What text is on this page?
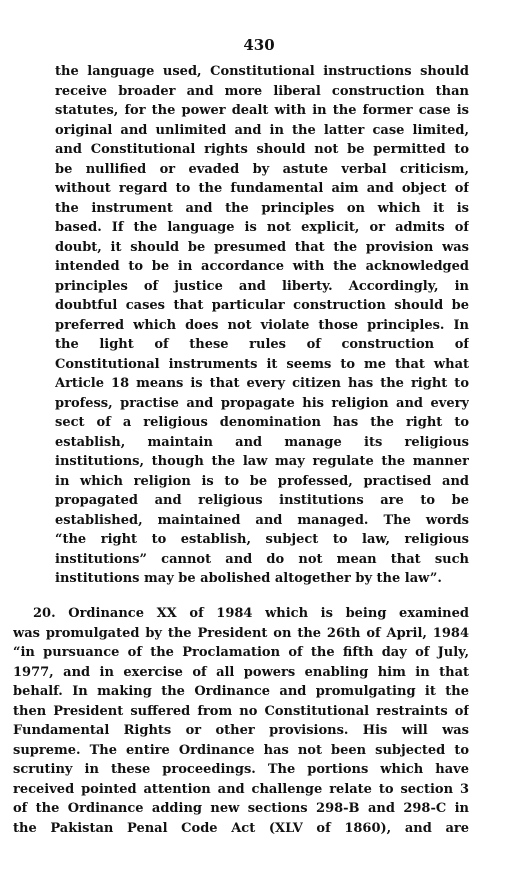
430
the language used, Constitutional instructions should
receive broader and more liberal construction than
statutes, for the power dealt with in the former case is
original and unlimited and in the latter case limited,
and Constitutional rights should not be permitted to
be nullified or evaded by astute verbal criticism,
without regard to the fundamental aim and object of
the instrument and the principles on which it is
based. If the language is not explicit, or admits of
doubt, it should be presumed that the provision was
intended to be in accordance with the acknowledged
principles of justice and liberty. Accordingly, in
doubtful cases that particular construction should be
preferred which does not violate those principles. In
the light of these rules of construction of
Constitutional instruments it seems to me that what
Article 18 means is that every citizen has the right to
profess, practise and propagate his religion and every
sect of a religious denomination has the right to
establish, maintain and manage its religious
institutions, though the law may regulate the manner
in which religion is to be professed, practised and
propagated and religious institutions are to be
established, maintained and managed. The words
“the right to establish, subject to law, religious
institutions” cannot and do not mean that such
institutions may be abolished altogether by the law”.
20. Ordinance XX of 1984 which is being examined
was promulgated by the President on the 26th of April, 1984
“in pursuance of the Proclamation of the fifth day of July,
1977, and in exercise of all powers enabling him in that
behalf. In making the Ordinance and promulgating it the
then President suffered from no Constitutional restraints of
Fundamental Rights or other provisions. His will was
supreme. The entire Ordinance has not been subjected to
scrutiny in these proceedings. The portions which have
received pointed attention and challenge relate to section 3
of the Ordinance adding new sections 298-B and 298-C in
the Pakistan Penal Code Act (XLV of 1860), and are
